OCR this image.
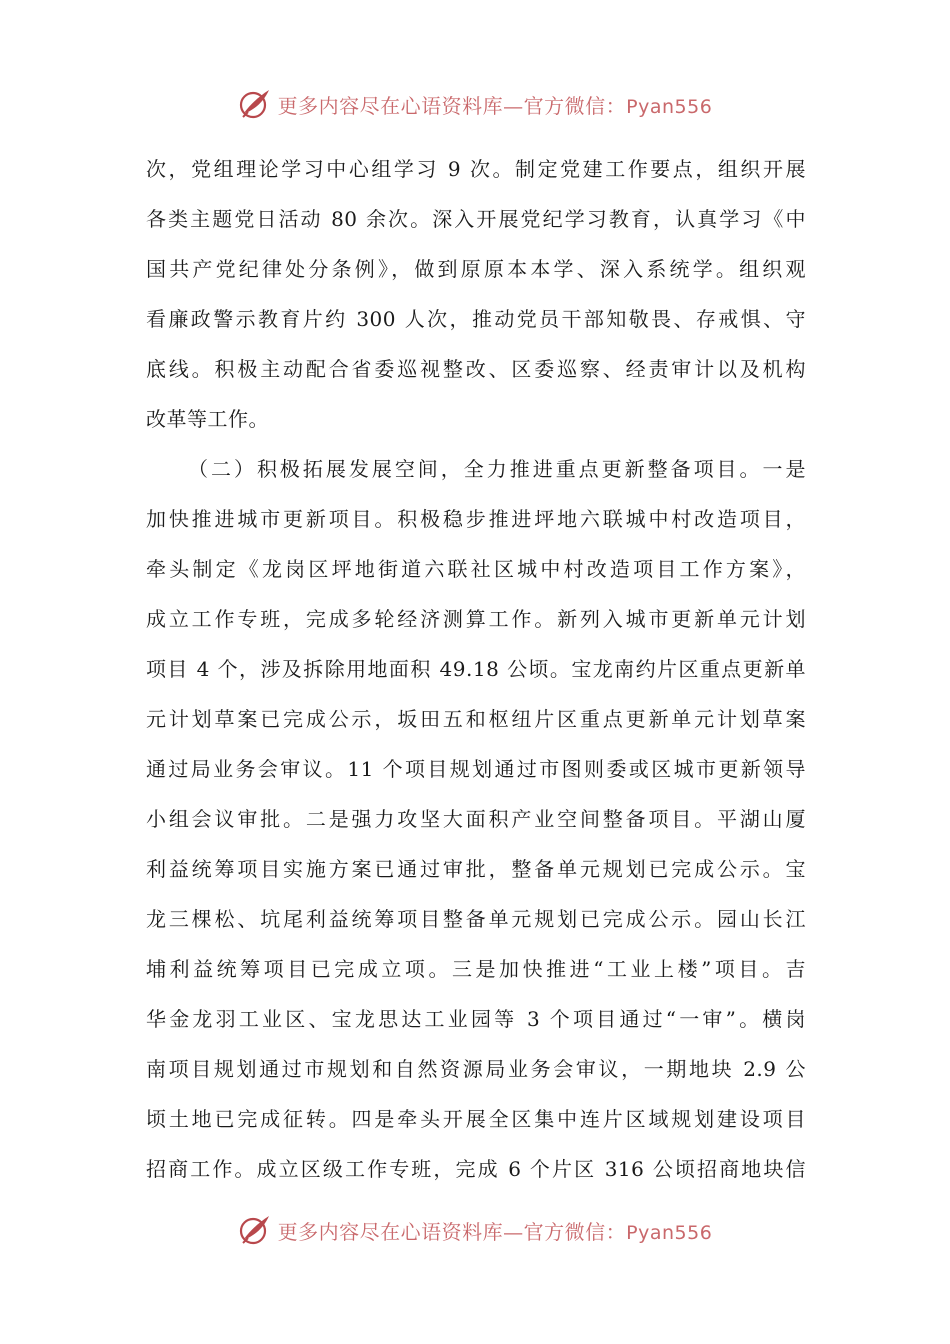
更多内容尽在心语资料库—官方微信：Pyan556
次，党组理论学习中心组学习 9 次。制定党建工作要点，组织开展
各类主题党日活动 80 余次。深入开展党纪学习教育，认真学习《中
国共产党纪律处分条例》，做到原原本本学、深入系统学。组织观
看廉政警示教育片约 300 人次，推动党员干部知敬畏、存戒惧、守
底线。积极主动配合省委巡视整改、区委巡察、经责审计以及机构
改革等工作。
（二）积极拓展发展空间，全力推进重点更新整备项目。一是
加快推进城市更新项目。积极稳步推进坪地六联城中村改造项目，
牵头制定《龙岗区坪地街道六联社区城中村改造项目工作方案》，
成立工作专班，完成多轮经济测算工作。新列入城市更新单元计划
项目 4 个，涉及拆除用地面积 49.18 公顷。宝龙南约片区重点更新单
元计划草案已完成公示，坂田五和枢纽片区重点更新单元计划草案
通过局业务会审议。11 个项目规划通过市图则委或区城市更新领导
小组会议审批。二是强力攻坚大面积产业空间整备项目。平湖山厦
利益统筹项目实施方案已通过审批，整备单元规划已完成公示。宝
龙三棵松、坑尾利益统筹项目整备单元规划已完成公示。园山长江
埔利益统筹项目已完成立项。三是加快推进“工业上楼”项目。吉
华金龙羽工业区、宝龙思达工业园等 3 个项目通过“一审”。横岗
南项目规划通过市规划和自然资源局业务会审议，一期地块 2.9 公
顷土地已完成征转。四是牵头开展全区集中连片区域规划建设项目
招商工作。成立区级工作专班，完成 6 个片区 316 公顷招商地块信
更多内容尽在心语资料库—官方微信：Pyan556
